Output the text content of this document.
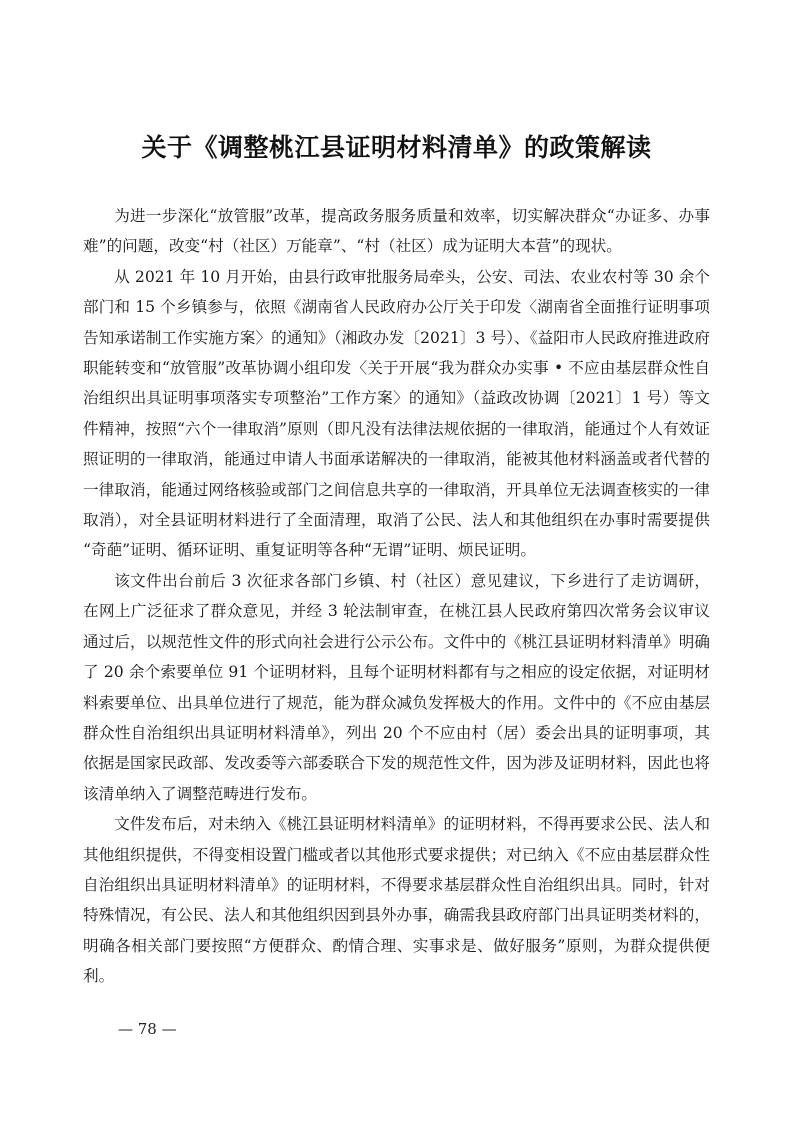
关于《调整桃江县证明材料清单》的政策解读

为进一步深化“放管服”改革，提高政务服务质量和效率，切实解决群众“办证多、办事难”的问题，改变“村（社区）万能章”、“村（社区）成为证明大本营”的现状。

从 2021 年 10 月开始，由县行政审批服务局牵头，公安、司法、农业农村等 30 余个部门和 15 个乡镇参与，依照《湖南省人民政府办公厅关于印发〈湖南省全面推行证明事项告知承诺制工作实施方案〉的通知》（湘政办发〔2021〕3 号）、《益阳市人民政府推进政府职能转变和“放管服”改革协调小组印发〈关于开展“我为群众办实事 • 不应由基层群众性自治组织出具证明事项落实专项整治”工作方案〉的通知》（益政改协调〔2021〕1 号）等文件精神，按照“六个一律取消”原则（即凡没有法律法规依据的一律取消，能通过个人有效证照证明的一律取消，能通过申请人书面承诺解决的一律取消，能被其他材料涵盖或者代替的一律取消，能通过网络核验或部门之间信息共享的一律取消，开具单位无法调查核实的一律取消），对全县证明材料进行了全面清理，取消了公民、法人和其他组织在办事时需要提供 “奇葩”证明、循环证明、重复证明等各种“无谓”证明、烦民证明。

该文件出台前后 3 次征求各部门乡镇、村（社区）意见建议，下乡进行了走访调研，在网上广泛征求了群众意见，并经 3 轮法制审查，在桃江县人民政府第四次常务会议审议通过后，以规范性文件的形式向社会进行公示公布。文件中的《桃江县证明材料清单》明确了 20 余个索要单位 91 个证明材料，且每个证明材料都有与之相应的设定依据，对证明材料索要单位、出具单位进行了规范，能为群众减负发挥极大的作用。文件中的《不应由基层群众性自治组织出具证明材料清单》，列出 20 个不应由村（居）委会出具的证明事项，其依据是国家民政部、发改委等六部委联合下发的规范性文件，因为涉及证明材料，因此也将该清单纳入了调整范畴进行发布。

文件发布后，对未纳入《桃江县证明材料清单》的证明材料，不得再要求公民、法人和其他组织提供，不得变相设置门槛或者以其他形式要求提供；对已纳入《不应由基层群众性自治组织出具证明材料清单》的证明材料，不得要求基层群众性自治组织出具。同时，针对特殊情况，有公民、法人和其他组织因到县外办事，确需我县政府部门出具证明类材料的，明确各相关部门要按照“方便群众、酌情合理、实事求是、做好服务”原则，为群众提供便利。

— 78 —
